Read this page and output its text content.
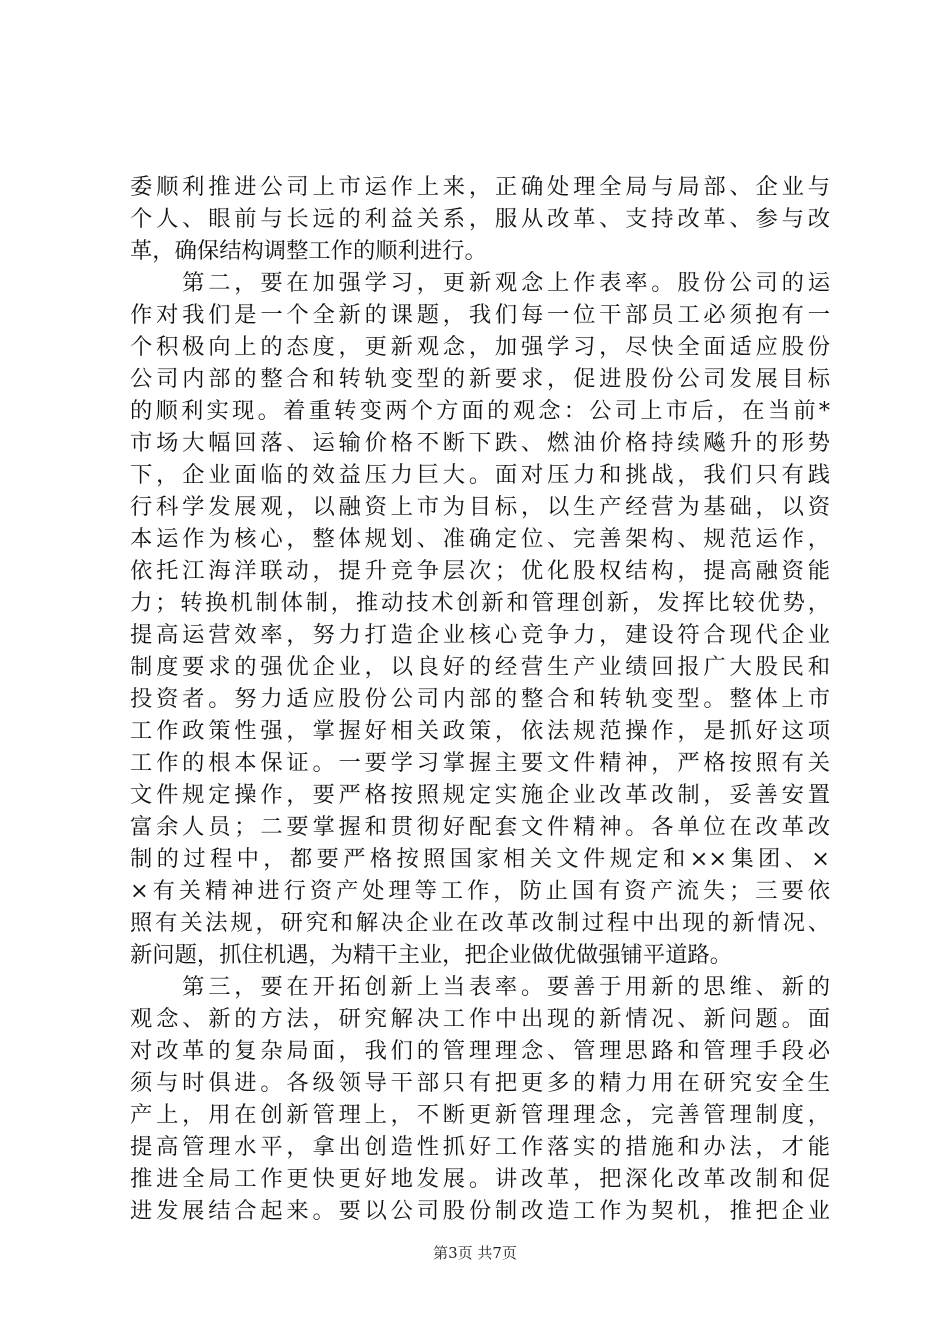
委顺利推进公司上市运作上来，正确处理全局与局部、企业与
个人、眼前与长远的利益关系，服从改革、支持改革、参与改
革，确保结构调整工作的顺利进行。
　　第二，要在加强学习，更新观念上作表率。股份公司的运
作对我们是一个全新的课题，我们每一位干部员工必须抱有一
个积极向上的态度，更新观念，加强学习，尽快全面适应股份
公司内部的整合和转轨变型的新要求，促进股份公司发展目标
的顺利实现。着重转变两个方面的观念：公司上市后，在当前*
市场大幅回落、运输价格不断下跌、燃油价格持续飚升的形势
下，企业面临的效益压力巨大。面对压力和挑战，我们只有践
行科学发展观，以融资上市为目标，以生产经营为基础，以资
本运作为核心，整体规划、准确定位、完善架构、规范运作，
依托江海洋联动，提升竞争层次；优化股权结构，提高融资能
力；转换机制体制，推动技术创新和管理创新，发挥比较优势，
提高运营效率，努力打造企业核心竞争力，建设符合现代企业
制度要求的强优企业，以良好的经营生产业绩回报广大股民和
投资者。努力适应股份公司内部的整合和转轨变型。整体上市
工作政策性强，掌握好相关政策，依法规范操作，是抓好这项
工作的根本保证。一要学习掌握主要文件精神，严格按照有关
文件规定操作，要严格按照规定实施企业改革改制，妥善安置
富余人员；二要掌握和贯彻好配套文件精神。各单位在改革改
制的过程中，都要严格按照国家相关文件规定和××集团、×
×有关精神进行资产处理等工作，防止国有资产流失；三要依
照有关法规，研究和解决企业在改革改制过程中出现的新情况、
新问题，抓住机遇，为精干主业，把企业做优做强铺平道路。
　　第三，要在开拓创新上当表率。要善于用新的思维、新的
观念、新的方法，研究解决工作中出现的新情况、新问题。面
对改革的复杂局面，我们的管理理念、管理思路和管理手段必
须与时俱进。各级领导干部只有把更多的精力用在研究安全生
产上，用在创新管理上，不断更新管理理念，完善管理制度，
提高管理水平，拿出创造性抓好工作落实的措施和办法，才能
推进全局工作更快更好地发展。讲改革，把深化改革改制和促
进发展结合起来。要以公司股份制改造工作为契机，推把企业
第3页 共7页
